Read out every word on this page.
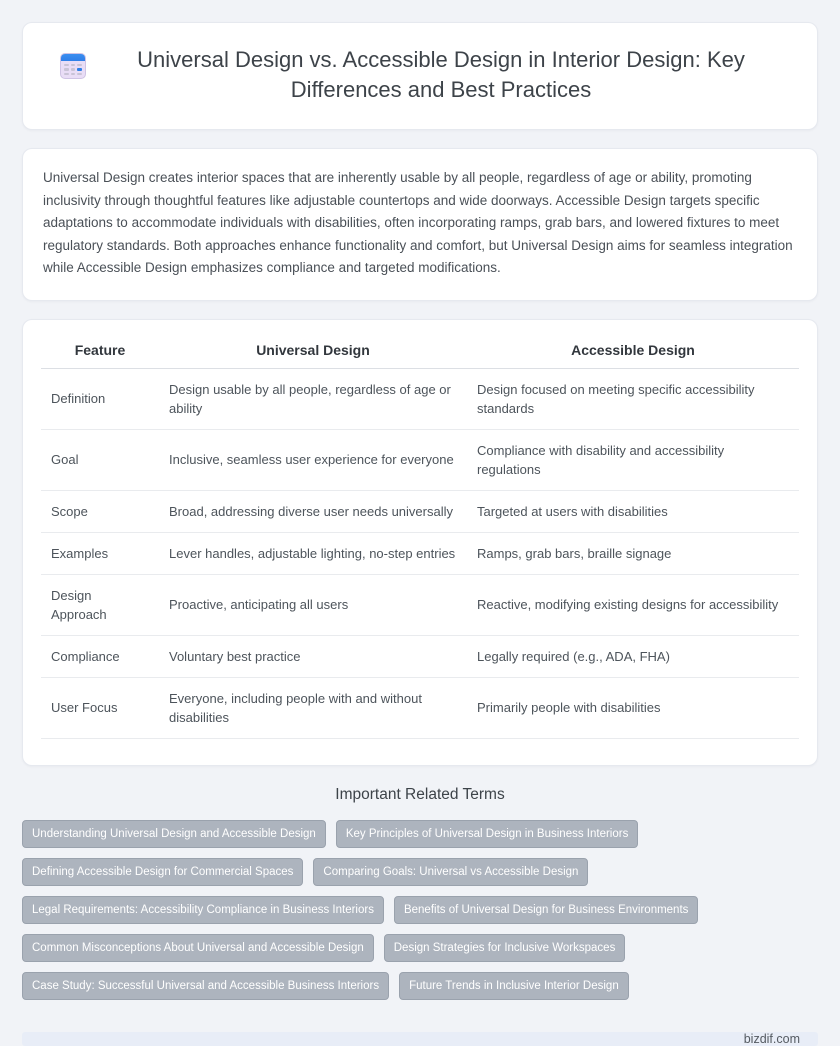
Universal Design vs. Accessible Design in Interior Design: Key Differences and Best Practices

Universal Design creates interior spaces that are inherently usable by all people, regardless of age or ability, promoting inclusivity through thoughtful features like adjustable countertops and wide doorways. Accessible Design targets specific adaptations to accommodate individuals with disabilities, often incorporating ramps, grab bars, and lowered fixtures to meet regulatory standards. Both approaches enhance functionality and comfort, but Universal Design aims for seamless integration while Accessible Design emphasizes compliance and targeted modifications.

Feature	Universal Design	Accessible Design
Definition	Design usable by all people, regardless of age or ability	Design focused on meeting specific accessibility standards
Goal	Inclusive, seamless user experience for everyone	Compliance with disability and accessibility regulations
Scope	Broad, addressing diverse user needs universally	Targeted at users with disabilities
Examples	Lever handles, adjustable lighting, no-step entries	Ramps, grab bars, braille signage
Design Approach	Proactive, anticipating all users	Reactive, modifying existing designs for accessibility
Compliance	Voluntary best practice	Legally required (e.g., ADA, FHA)
User Focus	Everyone, including people with and without disabilities	Primarily people with disabilities
Important Related Terms
Understanding Universal Design and Accessible Design	Key Principles of Universal Design in Business Interiors
Defining Accessible Design for Commercial Spaces	Comparing Goals: Universal vs Accessible Design
Legal Requirements: Accessibility Compliance in Business Interiors	Benefits of Universal Design for Business Environments
Common Misconceptions About Universal and Accessible Design	Design Strategies for Inclusive Workspaces
Case Study: Successful Universal and Accessible Business Interiors	Future Trends in Inclusive Interior Design
bizdif.com
